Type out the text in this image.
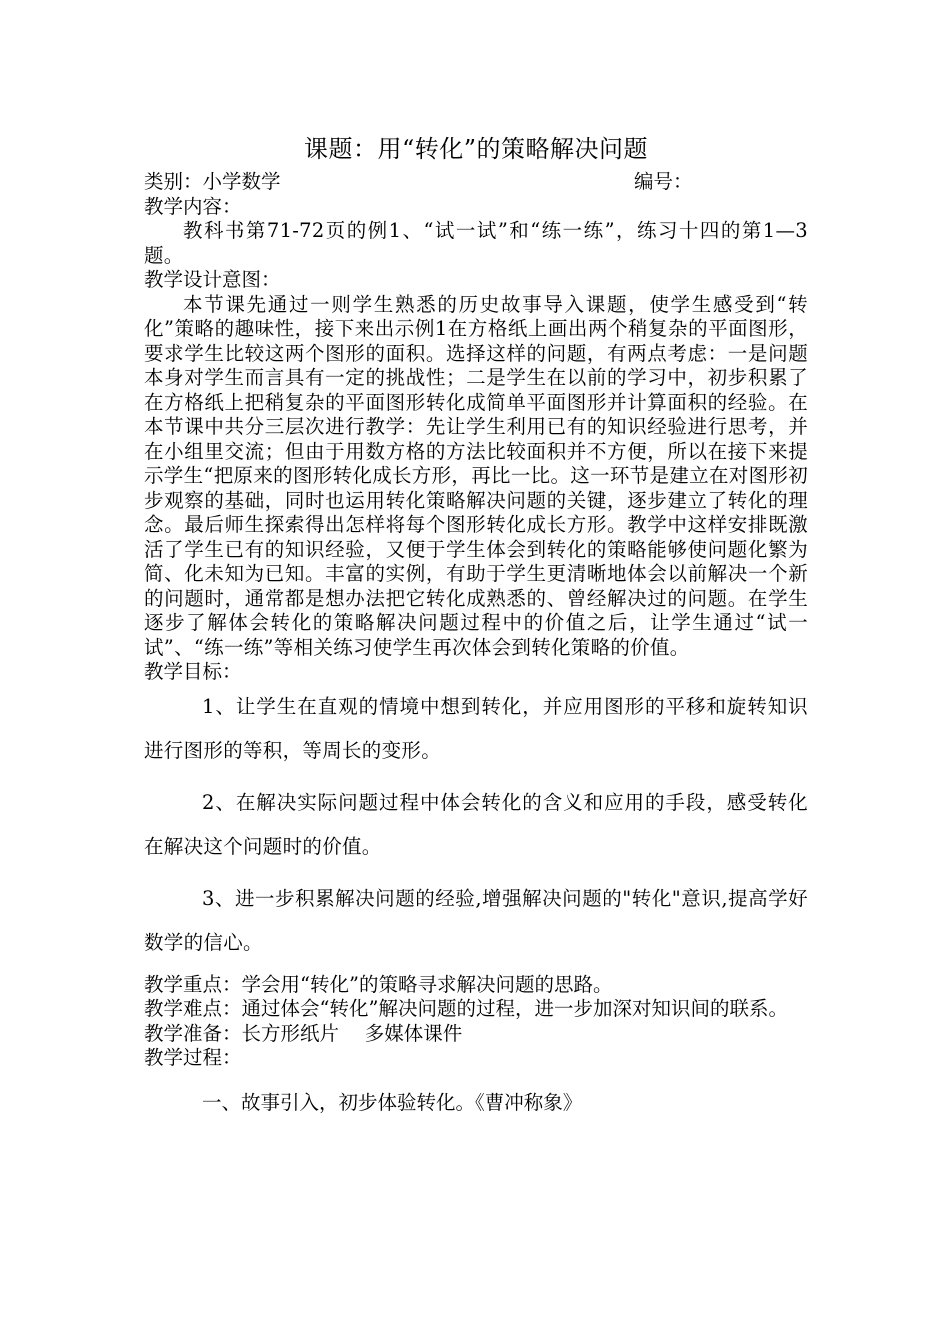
课题：用“转化”的策略解决问题
类别：小学数学	编号：

教学内容：

教科书第71-72页的例1、“试一试”和“练一练”，练习十四的第1—3题。

教学设计意图：

本节课先通过一则学生熟悉的历史故事导入课题，使学生感受到“转化”策略的趣味性，接下来出示例1在方格纸上画出两个稍复杂的平面图形，要求学生比较这两个图形的面积。选择这样的问题，有两点考虑：一是问题本身对学生而言具有一定的挑战性；二是学生在以前的学习中，初步积累了在方格纸上把稍复杂的平面图形转化成简单平面图形并计算面积的经验。在本节课中共分三层次进行教学：先让学生利用已有的知识经验进行思考，并在小组里交流；但由于用数方格的方法比较面积并不方便，所以在接下来提示学生“把原来的图形转化成长方形，再比一比。这一环节是建立在对图形初步观察的基础，同时也运用转化策略解决问题的关键，逐步建立了转化的理念。最后师生探索得出怎样将每个图形转化成长方形。教学中这样安排既激活了学生已有的知识经验，又便于学生体会到转化的策略能够使问题化繁为简、化未知为已知。丰富的实例，有助于学生更清晰地体会以前解决一个新的问题时，通常都是想办法把它转化成熟悉的、曾经解决过的问题。在学生逐步了解体会转化的策略解决问题过程中的价值之后，让学生通过“试一试”、“练一练”等相关练习使学生再次体会到转化策略的价值。

教学目标：

1、让学生在直观的情境中想到转化，并应用图形的平移和旋转知识进行图形的等积，等周长的变形。

2、在解决实际问题过程中体会转化的含义和应用的手段，感受转化在解决这个问题时的价值。

3、进一步积累解决问题的经验,增强解决问题的"转化"意识,提高学好数学的信心。

教学重点：学会用“转化”的策略寻求解决问题的思路。

教学难点：通过体会“转化”解决问题的过程，进一步加深对知识间的联系。

教学准备：长方形纸片　 多媒体课件

教学过程：

一、故事引入，初步体验转化。《曹冲称象》
